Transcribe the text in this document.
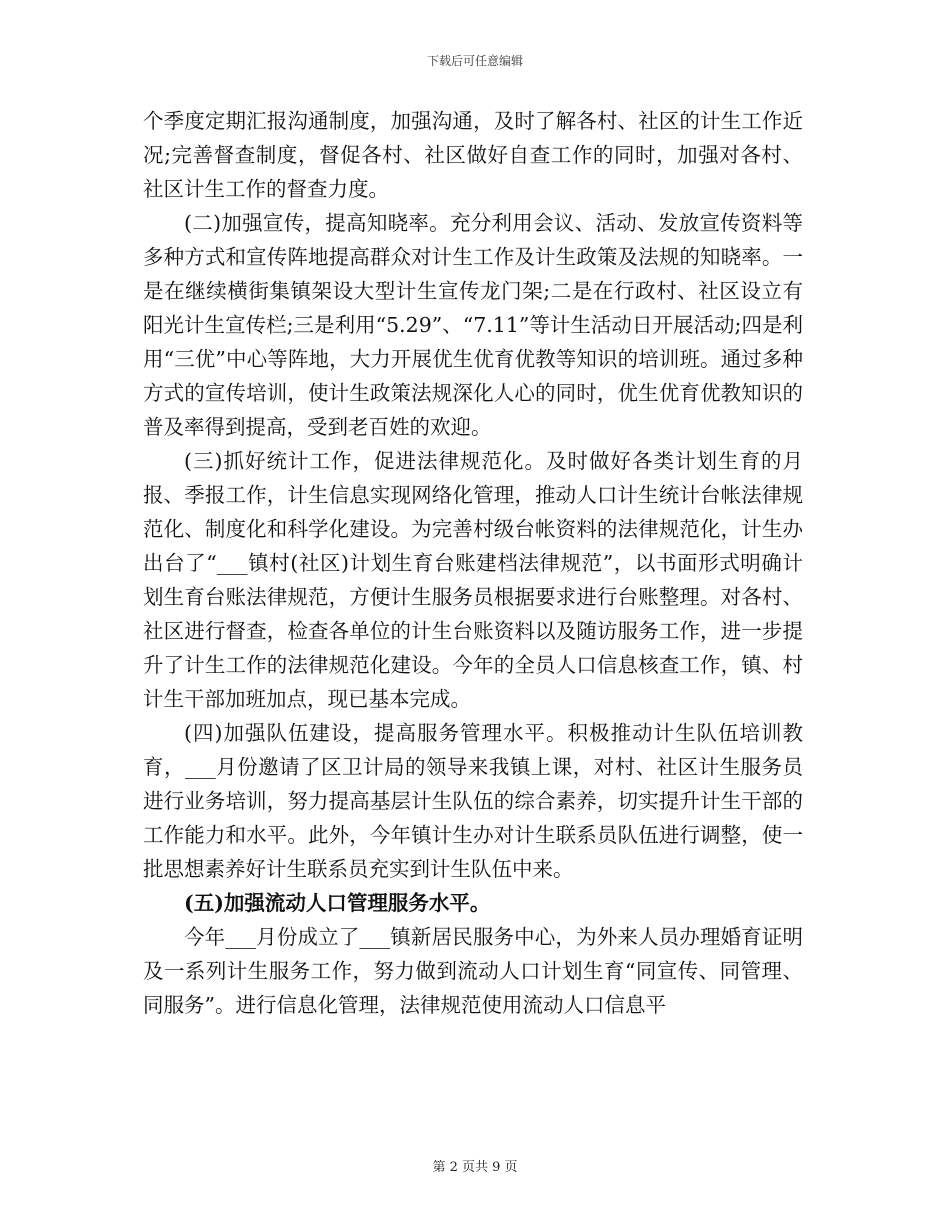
下载后可任意编辑

个季度定期汇报沟通制度，加强沟通，及时了解各村、社区的计生工作近况;完善督查制度，督促各村、社区做好自查工作的同时，加强对各村、社区计生工作的督查力度。

(二)加强宣传，提高知晓率。充分利用会议、活动、发放宣传资料等多种方式和宣传阵地提高群众对计生工作及计生政策及法规的知晓率。一是在继续横街集镇架设大型计生宣传龙门架;二是在行政村、社区设立有阳光计生宣传栏;三是利用“5.29”、“7.11”等计生活动日开展活动;四是利用“三优”中心等阵地，大力开展优生优育优教等知识的培训班。通过多种方式的宣传培训，使计生政策法规深化人心的同时，优生优育优教知识的普及率得到提高，受到老百姓的欢迎。

(三)抓好统计工作，促进法律规范化。及时做好各类计划生育的月报、季报工作，计生信息实现网络化管理，推动人口计生统计台帐法律规范化、制度化和科学化建设。为完善村级台帐资料的法律规范化，计生办出台了“___镇村(社区)计划生育台账建档法律规范”，以书面形式明确计划生育台账法律规范，方便计生服务员根据要求进行台账整理。对各村、社区进行督查，检查各单位的计生台账资料以及随访服务工作，进一步提升了计生工作的法律规范化建设。今年的全员人口信息核查工作，镇、村计生干部加班加点，现已基本完成。

(四)加强队伍建设，提高服务管理水平。积极推动计生队伍培训教育，___月份邀请了区卫计局的领导来我镇上课，对村、社区计生服务员进行业务培训，努力提高基层计生队伍的综合素养，切实提升计生干部的工作能力和水平。此外，今年镇计生办对计生联系员队伍进行调整，使一批思想素养好计生联系员充实到计生队伍中来。

(五)加强流动人口管理服务水平。

今年___月份成立了___镇新居民服务中心，为外来人员办理婚育证明及一系列计生服务工作，努力做到流动人口计划生育“同宣传、同管理、同服务”。进行信息化管理，法律规范使用流动人口信息平

第 2 页共 9 页
